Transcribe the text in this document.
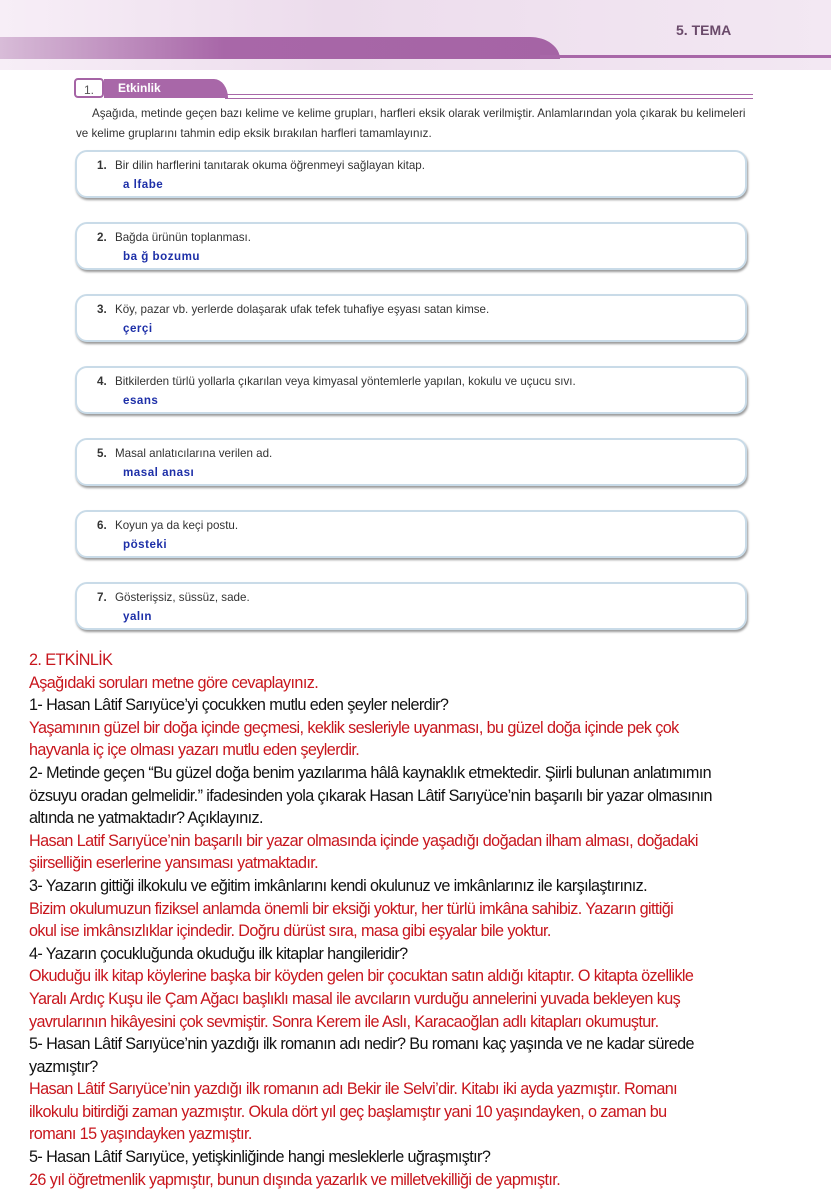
5. TEMA
1.	Etkinlik
Aşağıda, metinde geçen bazı kelime ve kelime grupları, harfleri eksik olarak verilmiştir. Anlamlarından yola çıkarak bu kelimeleri ve kelime gruplarını tahmin edip eksik bırakılan harfleri tamamlayınız.
1. Bir dilin harflerini tanıtarak okuma öğrenmeyi sağlayan kitap.
a lfabe
2. Bağda ürünün toplanması.
ba ğ bozumu
3. Köy, pazar vb. yerlerde dolaşarak ufak tefek tuhafiye eşyası satan kimse.
çerçi
4. Bitkilerden türlü yollarla çıkarılan veya kimyasal yöntemlerle yapılan, kokulu ve uçucu sıvı.
esans
5. Masal anlatıcılarına verilen ad.
masal anası
6. Koyun ya da keçi postu.
pösteki
7. Gösterişsiz, süssüz, sade.
yalın
2. ETKİNLİK
Aşağıdaki soruları metne göre cevaplayınız.
1- Hasan Lâtif Sarıyüce’yi çocukken mutlu eden şeyler nelerdir?
Yaşamının güzel bir doğa içinde geçmesi, keklik sesleriyle uyanması, bu güzel doğa içinde pek çok
hayvanla iç içe olması yazarı mutlu eden şeylerdir.
2- Metinde geçen “Bu güzel doğa benim yazılarıma hâlâ kaynaklık etmektedir. Şiirli bulunan anlatımımın
özsuyu oradan gelmelidir.” ifadesinden yola çıkarak Hasan Lâtif Sarıyüce’nin başarılı bir yazar olmasının
altında ne yatmaktadır? Açıklayınız.
Hasan Latif Sarıyüce’nin başarılı bir yazar olmasında içinde yaşadığı doğadan ilham alması, doğadaki
şiirselliğin eserlerine yansıması yatmaktadır.
3- Yazarın gittiği ilkokulu ve eğitim imkânlarını kendi okulunuz ve imkânlarınız ile karşılaştırınız.
Bizim okulumuzun fiziksel anlamda önemli bir eksiği yoktur, her türlü imkâna sahibiz. Yazarın gittiği
okul ise imkânsızlıklar içindedir. Doğru dürüst sıra, masa gibi eşyalar bile yoktur.
4- Yazarın çocukluğunda okuduğu ilk kitaplar hangileridir?
Okuduğu ilk kitap köylerine başka bir köyden gelen bir çocuktan satın aldığı kitaptır. O kitapta özellikle
Yaralı Ardıç Kuşu ile Çam Ağacı başlıklı masal ile avcıların vurduğu annelerini yuvada bekleyen kuş
yavrularının hikâyesini çok sevmiştir. Sonra Kerem ile Aslı, Karacaoğlan adlı kitapları okumuştur.
5- Hasan Lâtif Sarıyüce’nin yazdığı ilk romanın adı nedir? Bu romanı kaç yaşında ve ne kadar sürede
yazmıştır?
Hasan Lâtif Sarıyüce’nin yazdığı ilk romanın adı Bekir ile Selvi’dir. Kitabı iki ayda yazmıştır. Romanı
ilkokulu bitirdiği zaman yazmıştır. Okula dört yıl geç başlamıştır yani 10 yaşındayken, o zaman bu
romanı 15 yaşındayken yazmıştır.
5- Hasan Lâtif Sarıyüce, yetişkinliğinde hangi mesleklerle uğraşmıştır?
26 yıl öğretmenlik yapmıştır, bunun dışında yazarlık ve milletvekilliği de yapmıştır.
